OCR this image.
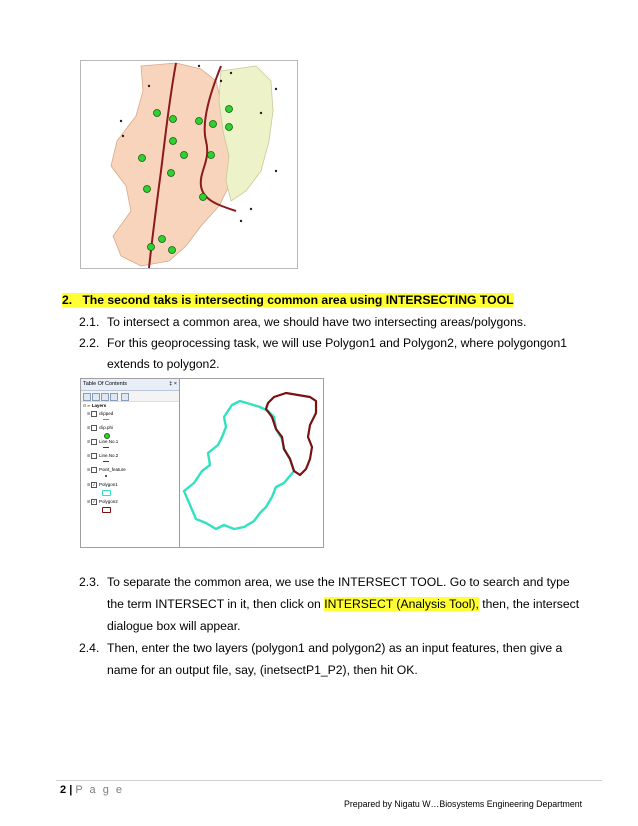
2. The second taks is intersecting common area using INTERSECTING TOOL
2.1. To intersect a common area, we should have two intersecting areas/polygons.
2.2. For this geoprocessing task, we will use Polygon1 and Polygon2, where polygongon1
extends to polygon2.
Table Of Contents	‡ ×
⊟▰ Layers
⊞ clipped
⊞ clip.phi
⊞ Line.No.1
⊞ Line.No.2
⊞ Point_feature
⊞ ✓ Polygon1
⊞ ✓ Polygon2
2.3. To separate the common area, we use the INTERSECT TOOL. Go to search and type
the term INTERSECT in it, then click on INTERSECT (Analysis Tool), then, the intersect
dialogue box will appear.
2.4. Then, enter the two layers (polygon1 and polygon2) as an input features, then give a
name for an output file, say, (inetsectP1_P2), then hit OK.
2 | P a g e
Prepared by Nigatu W…Biosystems Engineering Department
